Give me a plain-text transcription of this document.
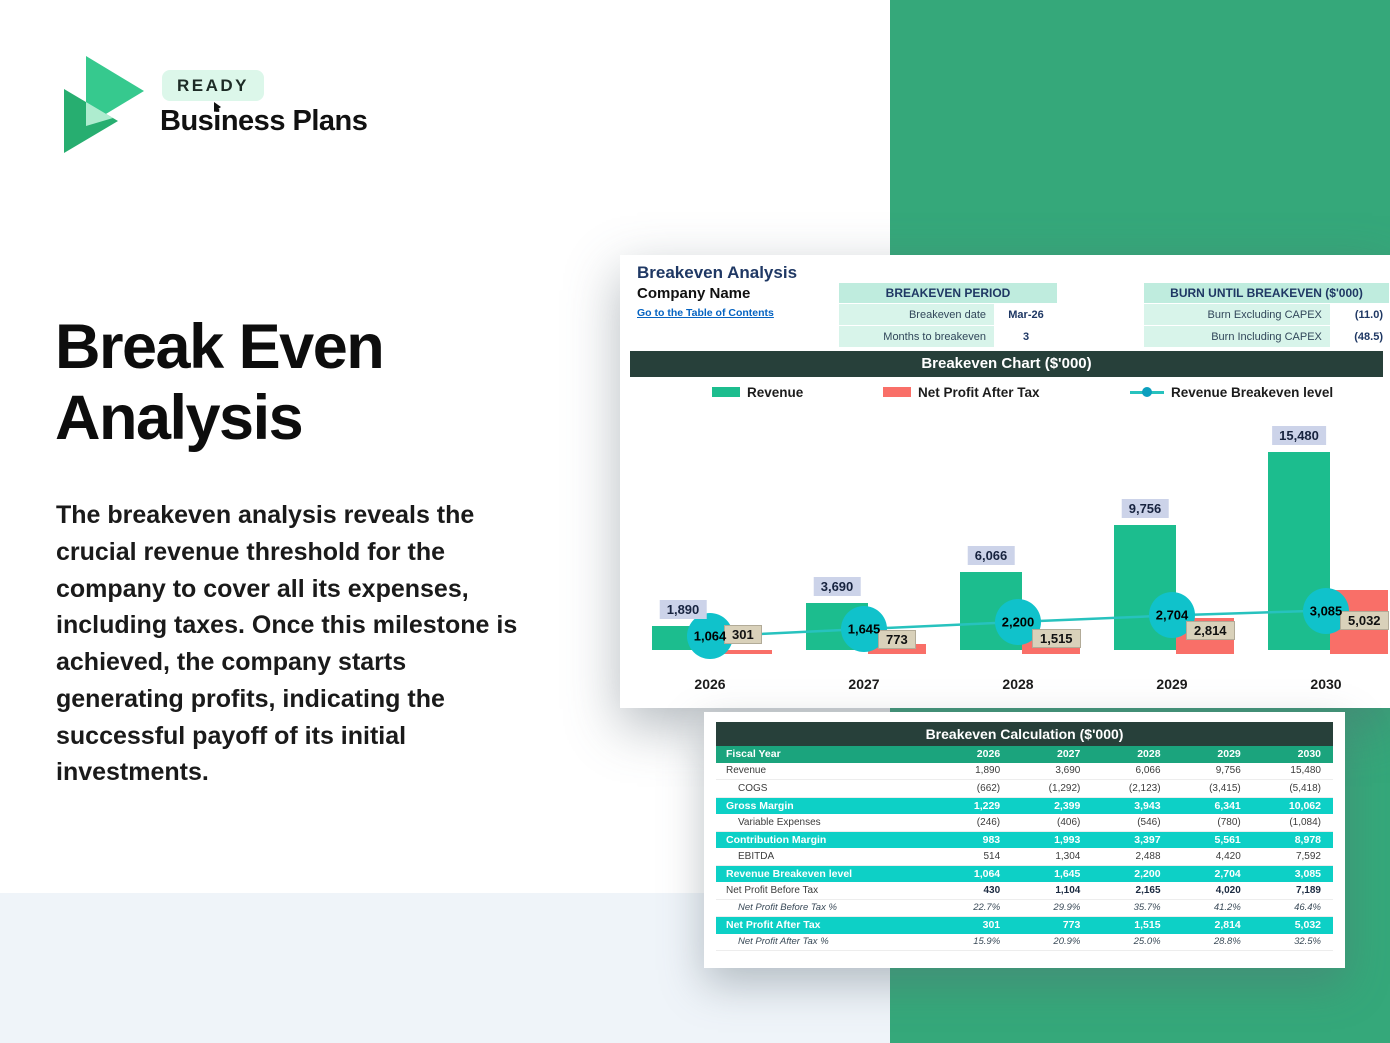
READY
Business Plans
Break Even
Analysis
The breakeven analysis reveals the crucial revenue threshold for the company to cover all its expenses, including taxes. Once this milestone is achieved, the company starts generating profits, indicating the successful payoff of its initial investments.
Breakeven Analysis
Company Name
Go to the Table of Contents
BREAKEVEN PERIOD	
Breakeven date	Mar-26
Months to breakeven	3
BURN UNTIL BREAKEVEN ($'000)	
Burn Excluding CAPEX	(11.0)
Burn Including CAPEX	(48.5)
Breakeven Chart ($'000)
Revenue	Net Profit After Tax	Revenue Breakeven level
1,890
301
1,064
2026
3,690
773
1,645
2027
6,066
1,515
2,200
2028
9,756
2,814
2,704
2029
15,480
5,032
3,085
2030
Breakeven Calculation ($'000)
Fiscal Year	2026	2027	2028	2029	2030
Revenue	1,890	3,690	6,066	9,756	15,480
COGS	(662)	(1,292)	(2,123)	(3,415)	(5,418)
Gross Margin	1,229	2,399	3,943	6,341	10,062
Variable Expenses	(246)	(406)	(546)	(780)	(1,084)
Contribution Margin	983	1,993	3,397	5,561	8,978
EBITDA	514	1,304	2,488	4,420	7,592
Revenue Breakeven level	1,064	1,645	2,200	2,704	3,085
Net Profit Before Tax	430	1,104	2,165	4,020	7,189
Net Profit Before Tax %	22.7%	29.9%	35.7%	41.2%	46.4%
Net Profit After Tax	301	773	1,515	2,814	5,032
Net Profit After Tax %	15.9%	20.9%	25.0%	28.8%	32.5%
